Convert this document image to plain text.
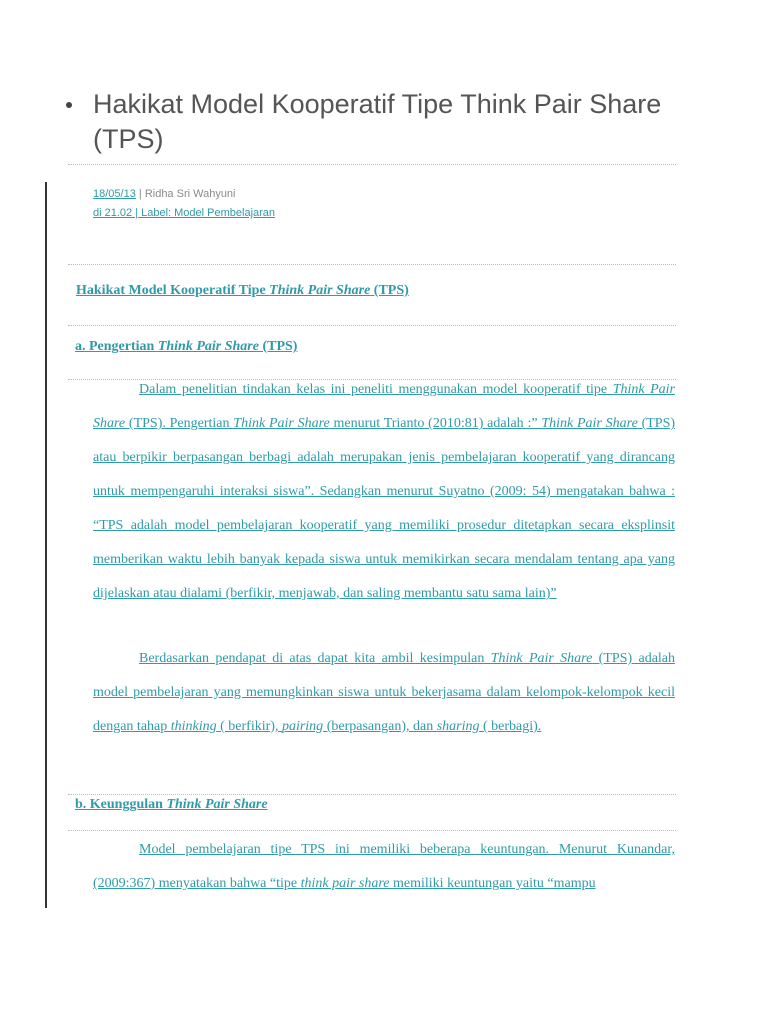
Hakikat Model Kooperatif Tipe Think Pair Share (TPS)
18/05/13 | Ridha Sri Wahyuni
di 21.02 | Label: Model Pembelajaran
Hakikat Model Kooperatif Tipe Think Pair Share (TPS)
a. Pengertian Think Pair Share (TPS)

Dalam penelitian tindakan kelas ini peneliti menggunakan model kooperatif tipe Think Pair Share (TPS). Pengertian Think Pair Share menurut Trianto (2010:81) adalah :” Think Pair Share (TPS) atau berpikir berpasangan berbagi adalah merupakan jenis pembelajaran kooperatif yang dirancang untuk mempengaruhi interaksi siswa”. Sedangkan menurut Suyatno (2009: 54) mengatakan bahwa : “TPS adalah model pembelajaran kooperatif yang memiliki prosedur ditetapkan secara eksplinsit memberikan waktu lebih banyak kepada siswa untuk memikirkan secara mendalam tentang apa yang dijelaskan atau dialami (berfikir, menjawab, dan saling membantu satu sama lain)”

Berdasarkan pendapat di atas dapat kita ambil kesimpulan Think Pair Share (TPS) adalah model pembelajaran yang memungkinkan siswa untuk bekerjasama dalam kelompok-kelompok kecil dengan tahap thinking ( berfikir), pairing (berpasangan), dan sharing ( berbagi).

b. Keunggulan Think Pair Share

Model pembelajaran tipe TPS ini memiliki beberapa keuntungan. Menurut Kunandar, (2009:367) menyatakan bahwa “tipe think pair share memiliki keuntungan yaitu “mampu
